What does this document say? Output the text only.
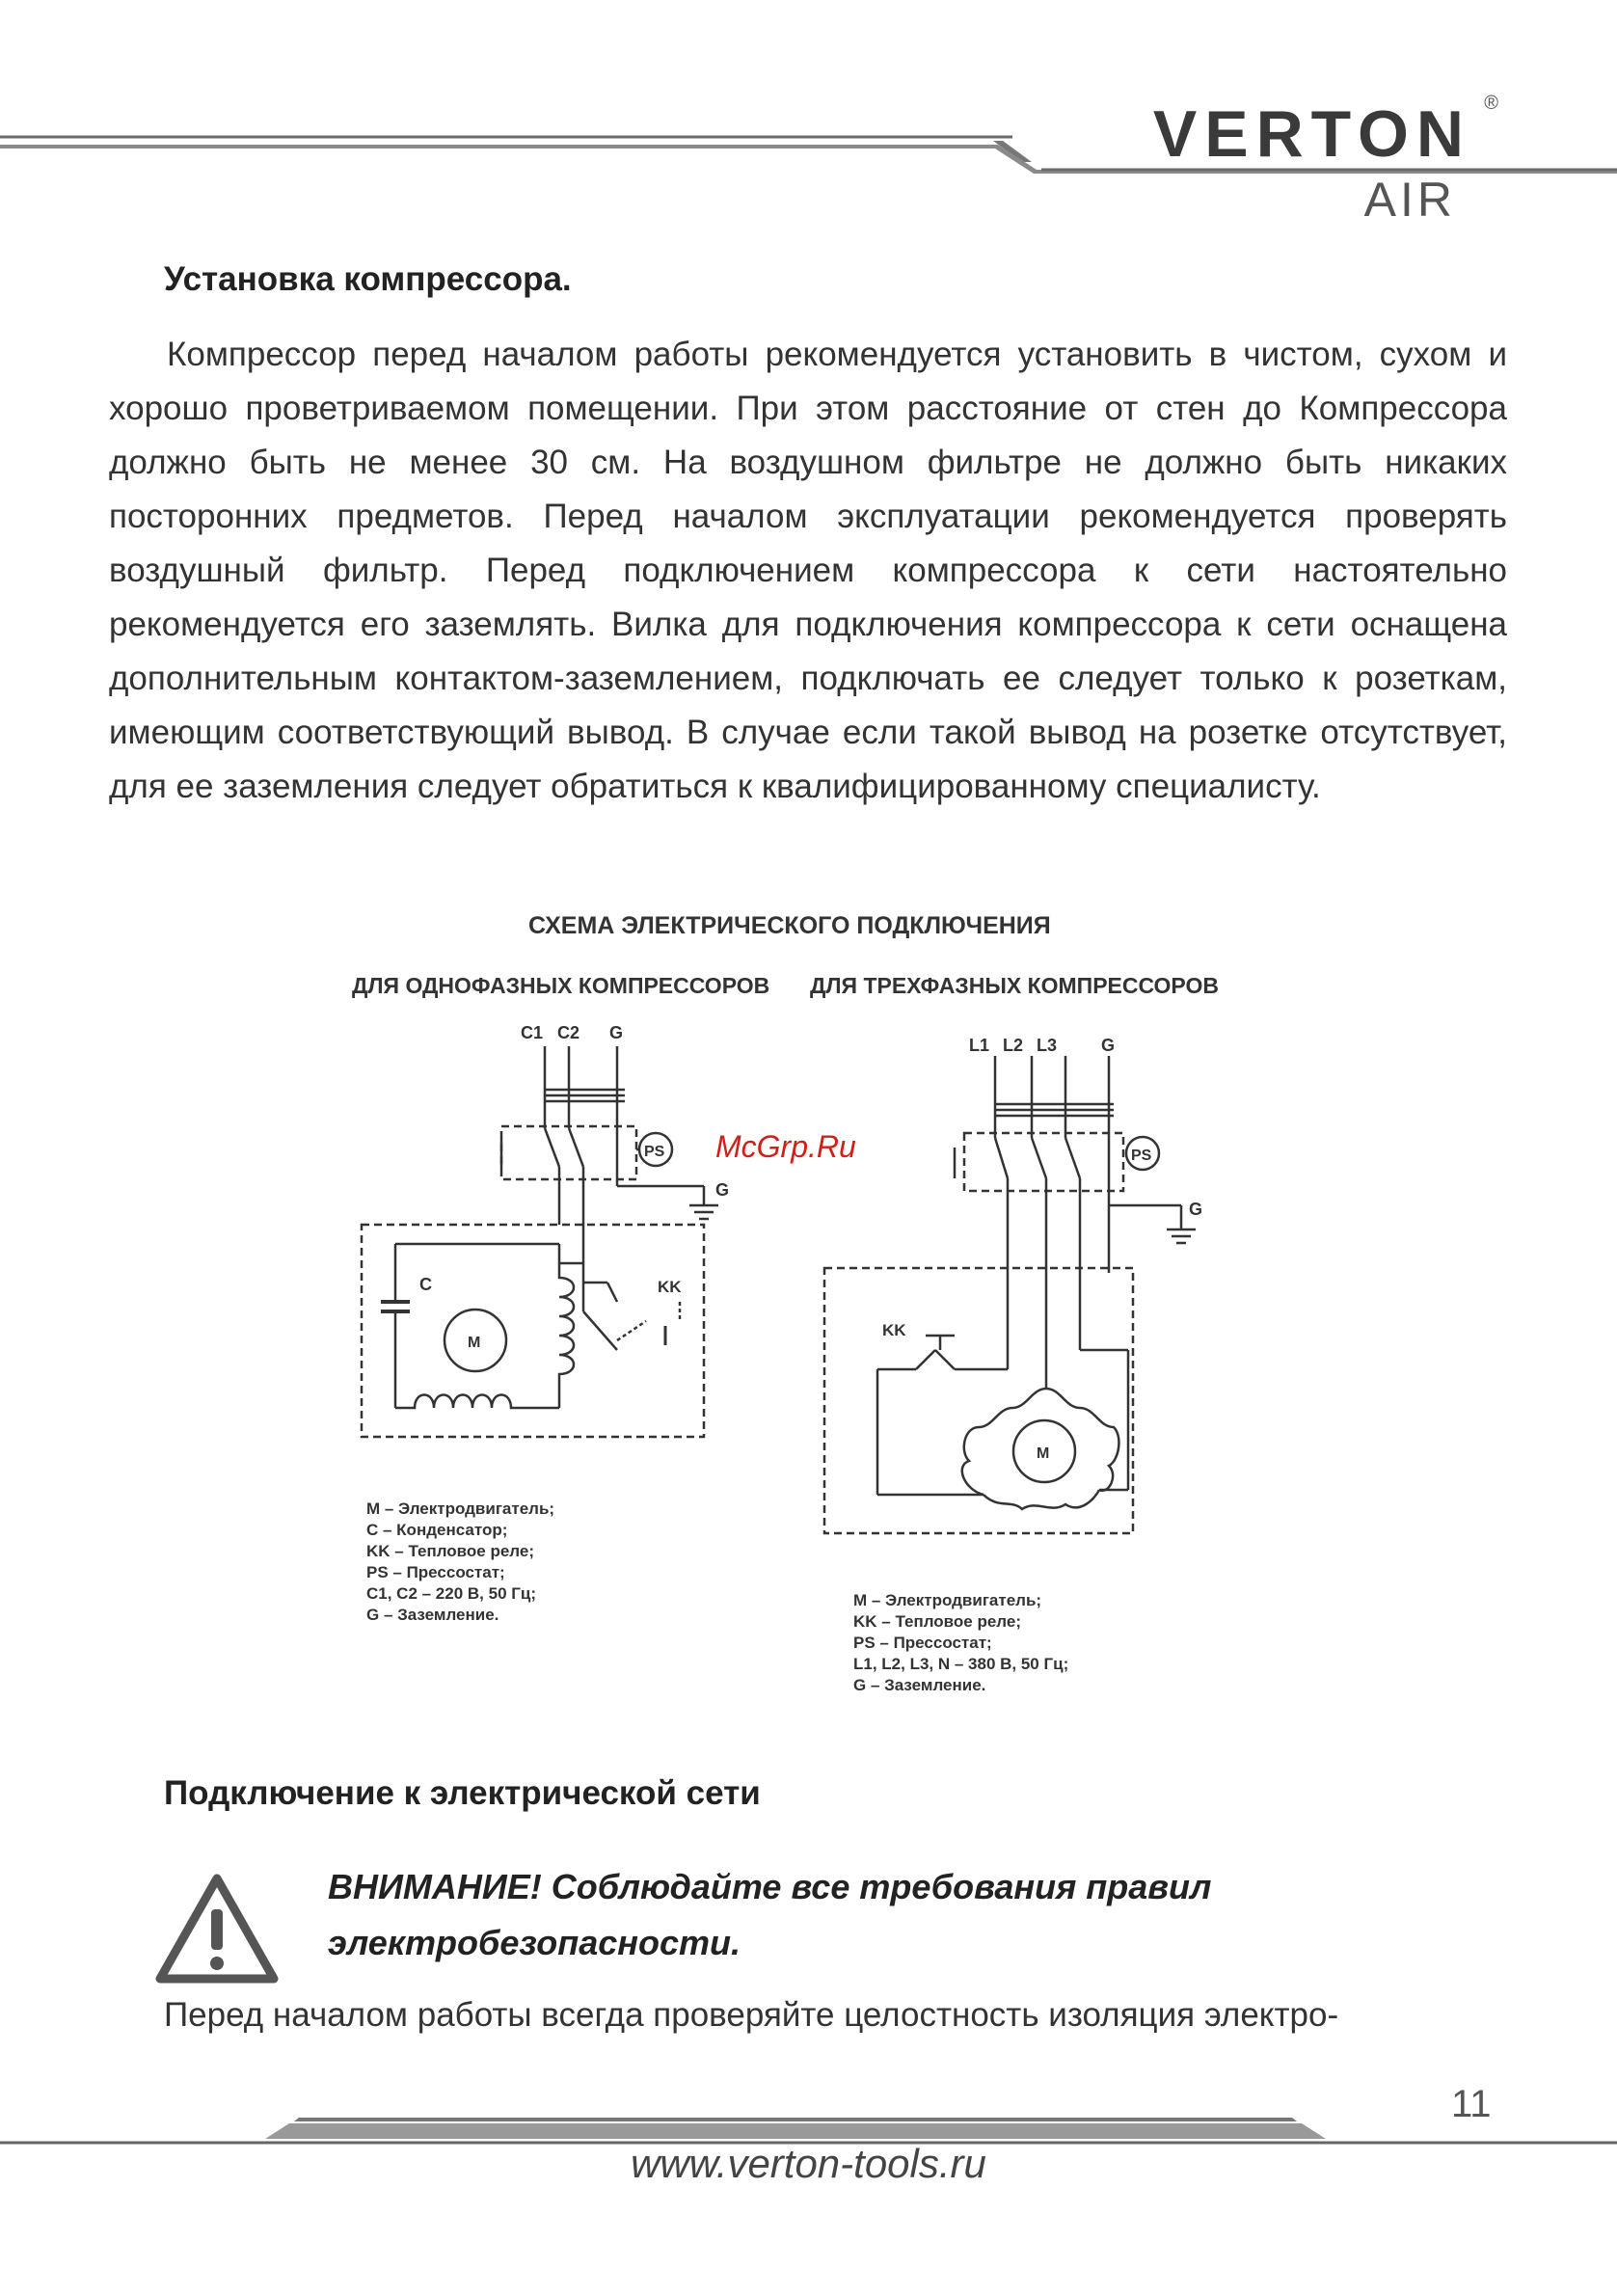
VERTON ®
AIR
Установка компрессора.

Компрессор перед началом работы рекомендуется установить в чистом, сухом и хорошо проветриваемом помещении. При этом расстояние от стен до Компрессора должно быть не менее 30 см. На воздушном фильтре не должно быть никаких посторонних предметов. Перед началом эксплуатации рекомендуется проверять воздушный фильтр. Перед подключением компрессора к сети настоятельно рекомендуется его заземлять. Вилка для подключения компрессора к сети оснащена дополнительным контактом-заземлением, подключать ее следует только к розеткам, имеющим соответствующий вывод. В случае если такой вывод на розетке отсутствует, для ее заземления следует обратиться к квалифицированному специалисту.

СХЕМА ЭЛЕКТРИЧЕСКОГО ПОДКЛЮЧЕНИЯ
ДЛЯ ОДНОФАЗНЫХ КОМПРЕССОРОВ ДЛЯ ТРЕХФАЗНЫХ КОМПРЕССОРОВ
C1 C2 G
PS
G
C
M
KK
McGrp.Ru
L1 L2 L3	G
PS
G
KK
M
M – Электродвигатель;
C – Конденсатор;
KK – Тепловое реле;
PS – Прессостат;
C1, C2 – 220 В, 50 Гц;
G – Заземление.
M – Электродвигатель;
KK – Тепловое реле;
PS – Прессостат;
L1, L2, L3, N – 380 В, 50 Гц;
G – Заземление.
Подключение к электрической сети
ВНИМАНИЕ! Соблюдайте все требования правил
электробезопасности.

Перед началом работы всегда проверяйте целостность изоляция электро-

11
www.verton-tools.ru
